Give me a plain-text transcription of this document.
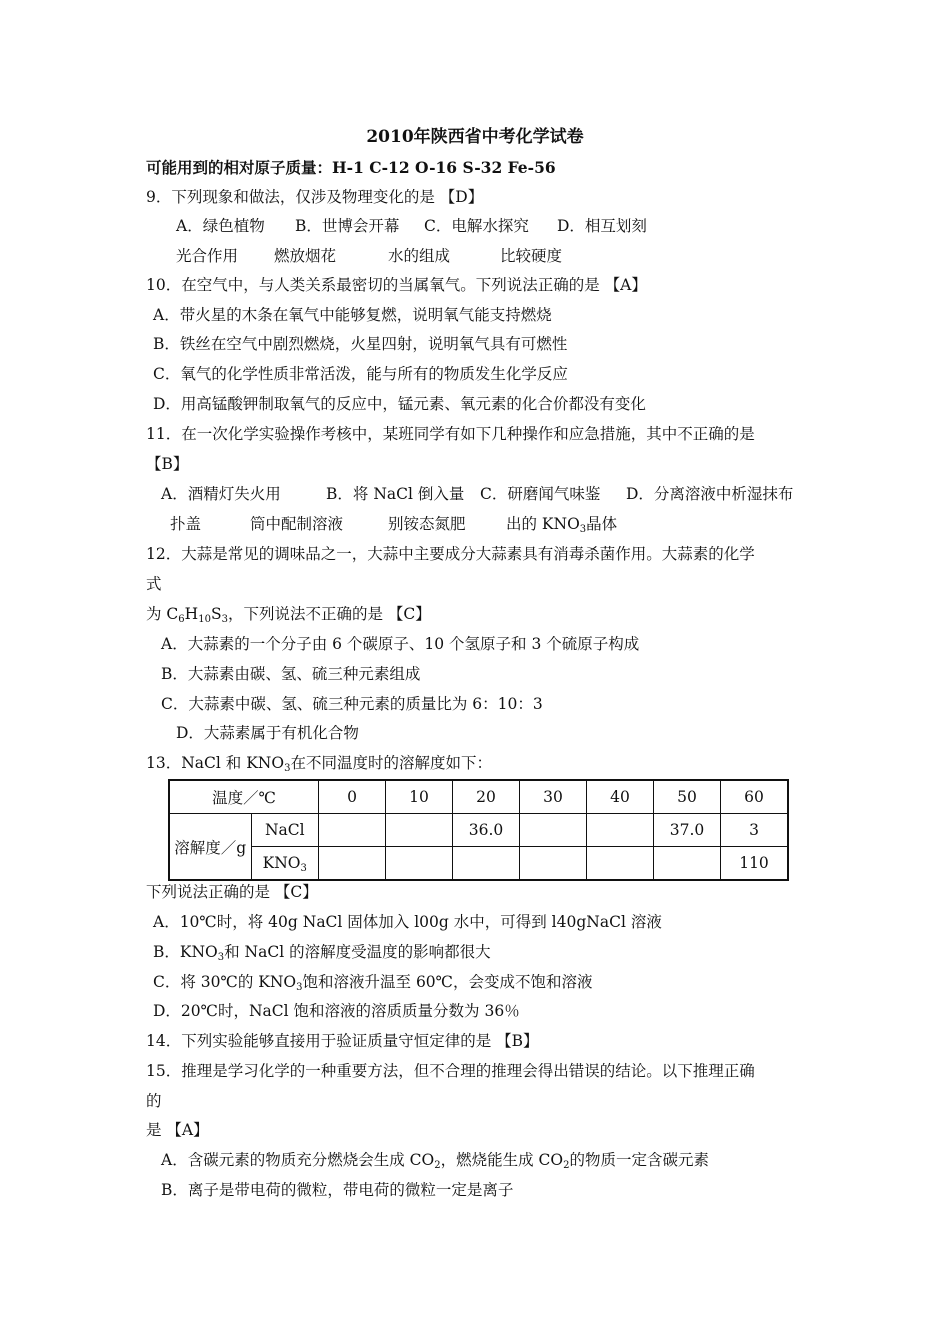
2010年陕西省中考化学试卷
可能用到的相对原子质量：H-1 C-12 O-16 S-32 Fe-56
9．下列现象和做法，仅涉及物理变化的是 【D】
A．绿色植物 B．世博会开幕 C．电解水探究 D．相互划刻
光合作用 燃放烟花	水的组成	比较硬度
10．在空气中，与人类关系最密切的当属氧气。下列说法正确的是 【A】
A．带火星的木条在氧气中能够复燃，说明氧气能支持燃烧
B．铁丝在空气中剧烈燃烧，火星四射，说明氧气具有可燃性
C．氧气的化学性质非常活泼，能与所有的物质发生化学反应
D．用高锰酸钾制取氧气的反应中，锰元素、氧元素的化合价都没有变化
11．在一次化学实验操作考核中，某班同学有如下几种操作和应急措施，其中不正确的是
【B】
A．酒精灯失火用	B．将 NaCl 倒入量 C．研磨闻气味鉴 D．分离溶液中析湿抹布
扑盖	筒中配制溶液	别铵态氮肥	出的 $KNO_3$晶体
12．大蒜是常见的调味品之一，大蒜中主要成分大蒜素具有消毒杀菌作用。大蒜素的化学
式
为 $C_6H_{10}S_3$，下列说法不正确的是 【C】
A．大蒜素的一个分子由 6 个碳原子、10 个氢原子和 3 个硫原子构成
B．大蒜素由碳、氢、硫三种元素组成
C．大蒜素中碳、氢、硫三种元素的质量比为 6：10：3
D．大蒜素属于有机化合物
13．NaCl 和 $KNO_3$在不同温度时的溶解度如下：
温度／℃		0	10	20	30	40	50	60
溶解度／g	NaCl			36.0			37.0	3
	$KNO_3$							110
下列说法正确的是 【C】
A．10℃时，将 40g NaCl 固体加入 l00g 水中，可得到 l40gNaCl 溶液
B．$KNO_3$和 NaCl 的溶解度受温度的影响都很大
C．将 30℃的 $KNO_3$饱和溶液升温至 60℃，会变成不饱和溶液
D．20℃时，NaCl 饱和溶液的溶质质量分数为 36％
14．下列实验能够直接用于验证质量守恒定律的是 【B】
15．推理是学习化学的一种重要方法，但不合理的推理会得出错误的结论。以下推理正确
的
是 【A】
A．含碳元素的物质充分燃烧会生成 $CO_2$，燃烧能生成 $CO_2$的物质一定含碳元素
B．离子是带电荷的微粒，带电荷的微粒一定是离子
